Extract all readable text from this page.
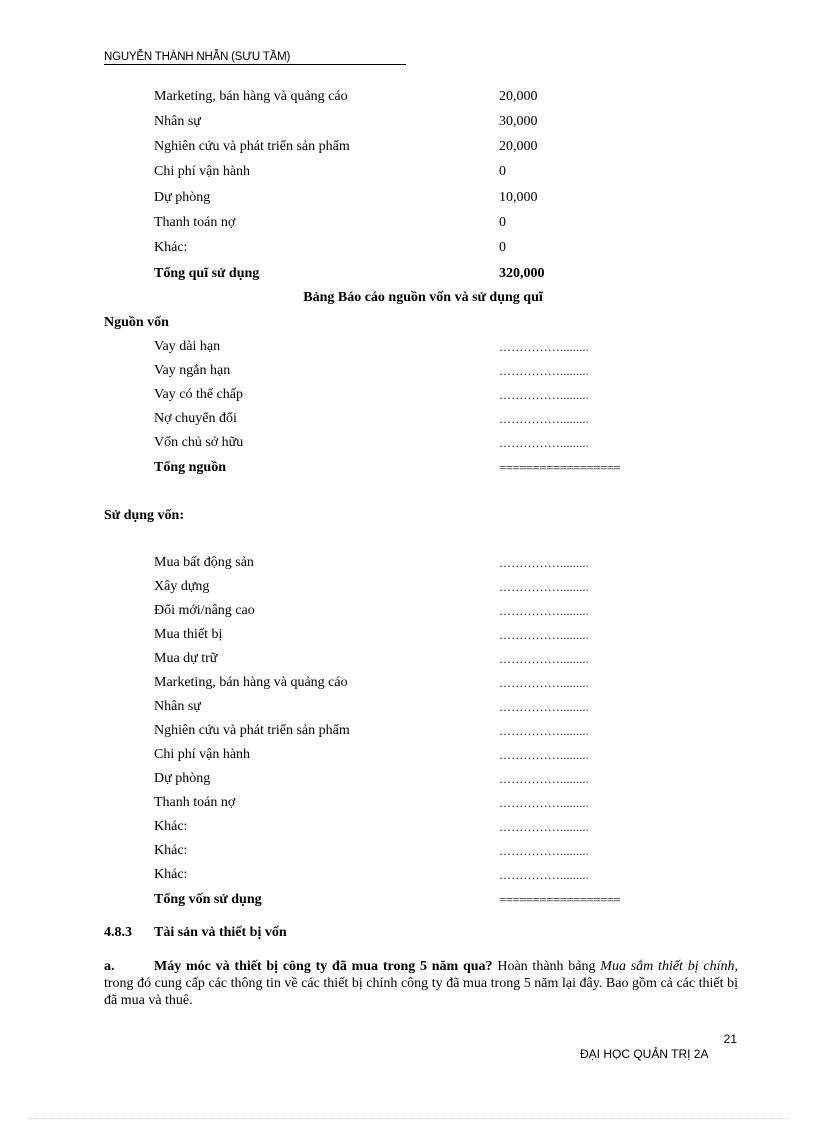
NGUYỄN THÀNH NHẪN (SƯU TẦM)
Marketing, bán hàng và quảng cáo	20,000
Nhân sự	30,000
Nghiên cứu và phát triển sản phẩm	20,000
Chi phí vận hành	0
Dự phòng	10,000
Thanh toán nợ	0
Khác:	0
Tổng quĩ sử dụng	320,000
Bảng Báo cáo nguồn vốn và sử dụng quĩ
Nguồn vốn
Vay dài hạn	…………….........
Vay ngắn hạn	…………….........
Vay có thế chấp	…………….........
Nợ chuyển đổi	…………….........
Vốn chủ sở hữu	…………….........
Tổng nguồn	==================
Sử dụng vốn:
Mua bất động sản	…………….........
Xây dựng	…………….........
Đổi mới/nâng cao	…………….........
Mua thiết bị	…………….........
Mua dự trữ	…………….........
Marketing, bán hàng và quảng cáo	…………….........
Nhân sự	…………….........
Nghiên cứu và phát triển sản phẩm	…………….........
Chi phí vận hành	…………….........
Dự phòng	…………….........
Thanh toán nợ	…………….........
Khác:	…………….........
Khác:	…………….........
Khác:	…………….........
Tổng vốn sử dụng	==================
4.8.3 Tài sản và thiết bị vốn
a.	Máy móc và thiết bị công ty đã mua trong 5 năm qua? Hoàn thành bảng Mua sắm thiết bị chính, trong đó cung cấp các thông tin về các thiết bị chính công ty đã mua trong 5 năm lại đây. Bao gồm cả các thiết bị đã mua và thuê.
21
ĐẠI HỌC QUẢN TRỊ 2A
